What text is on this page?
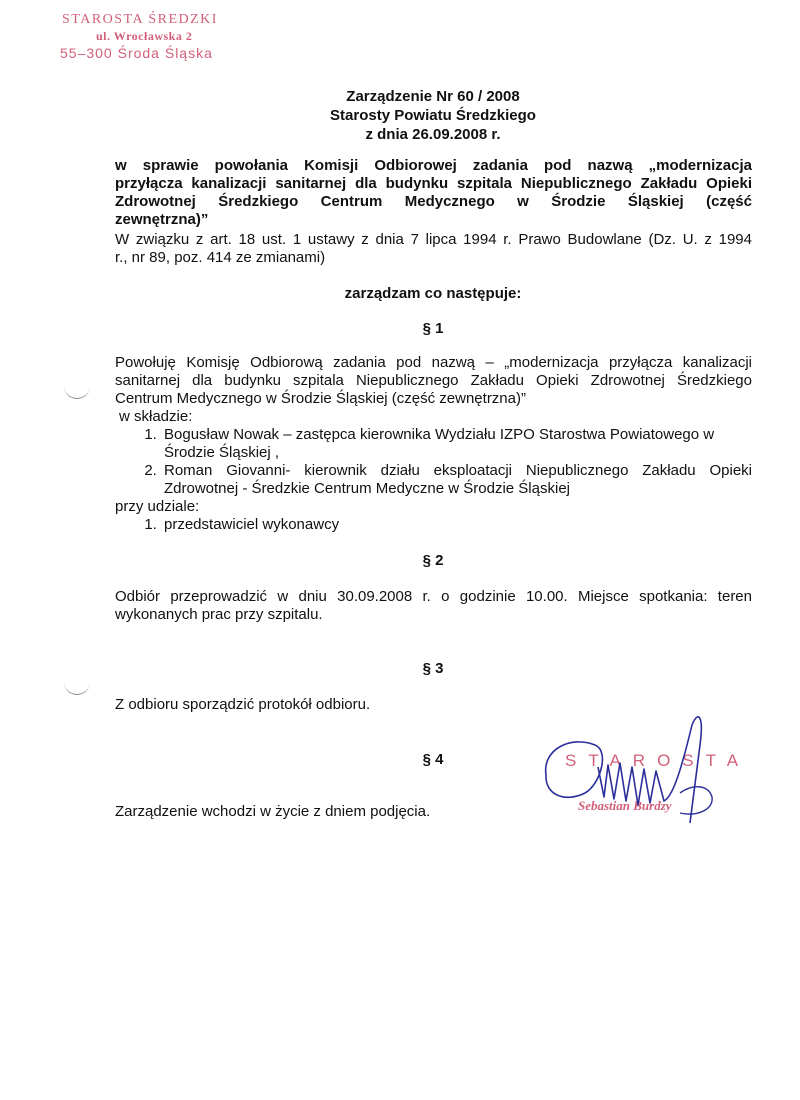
STAROSTA ŚREDZKI
ul. Wrocławska 2
55–300 Środa Śląska
Zarządzenie Nr 60 / 2008
Starosty Powiatu Średzkiego
z dnia 26.09.2008 r.
w sprawie powołania Komisji Odbiorowej zadania pod nazwą „modernizacja
przyłącza kanalizacji sanitarnej dla budynku szpitala Niepublicznego Zakładu Opieki
Zdrowotnej Średzkiego Centrum Medycznego w Środzie Śląskiej (część
zewnętrzna)”
W związku z art. 18 ust. 1 ustawy z dnia 7 lipca 1994 r. Prawo Budowlane (Dz. U. z 1994
r., nr 89, poz. 414 ze zmianami)
zarządzam co następuje:
§ 1
Powołuję Komisję Odbiorową zadania pod nazwą – „modernizacja przyłącza kanalizacji
sanitarnej dla budynku szpitala Niepublicznego Zakładu Opieki Zdrowotnej Średzkiego
Centrum Medycznego w Środzie Śląskiej (część zewnętrzna)”
w składzie:
1. Bogusław Nowak – zastępca kierownika Wydziału IZPO Starostwa Powiatowego w
Środzie Śląskiej ,
2. Roman Giovanni- kierownik działu eksploatacji Niepublicznego Zakładu Opieki
Zdrowotnej - Średzkie Centrum Medyczne w Środzie Śląskiej
przy udziale:
1. przedstawiciel wykonawcy
§ 2
Odbiór przeprowadzić w dniu 30.09.2008 r. o godzinie 10.00. Miejsce spotkania: teren
wykonanych prac przy szpitalu.
§ 3
Z odbioru sporządzić protokół odbioru.
§ 4
Zarządzenie wchodzi w życie z dniem podjęcia.
STAROSTA
Sebastian Burdzy
